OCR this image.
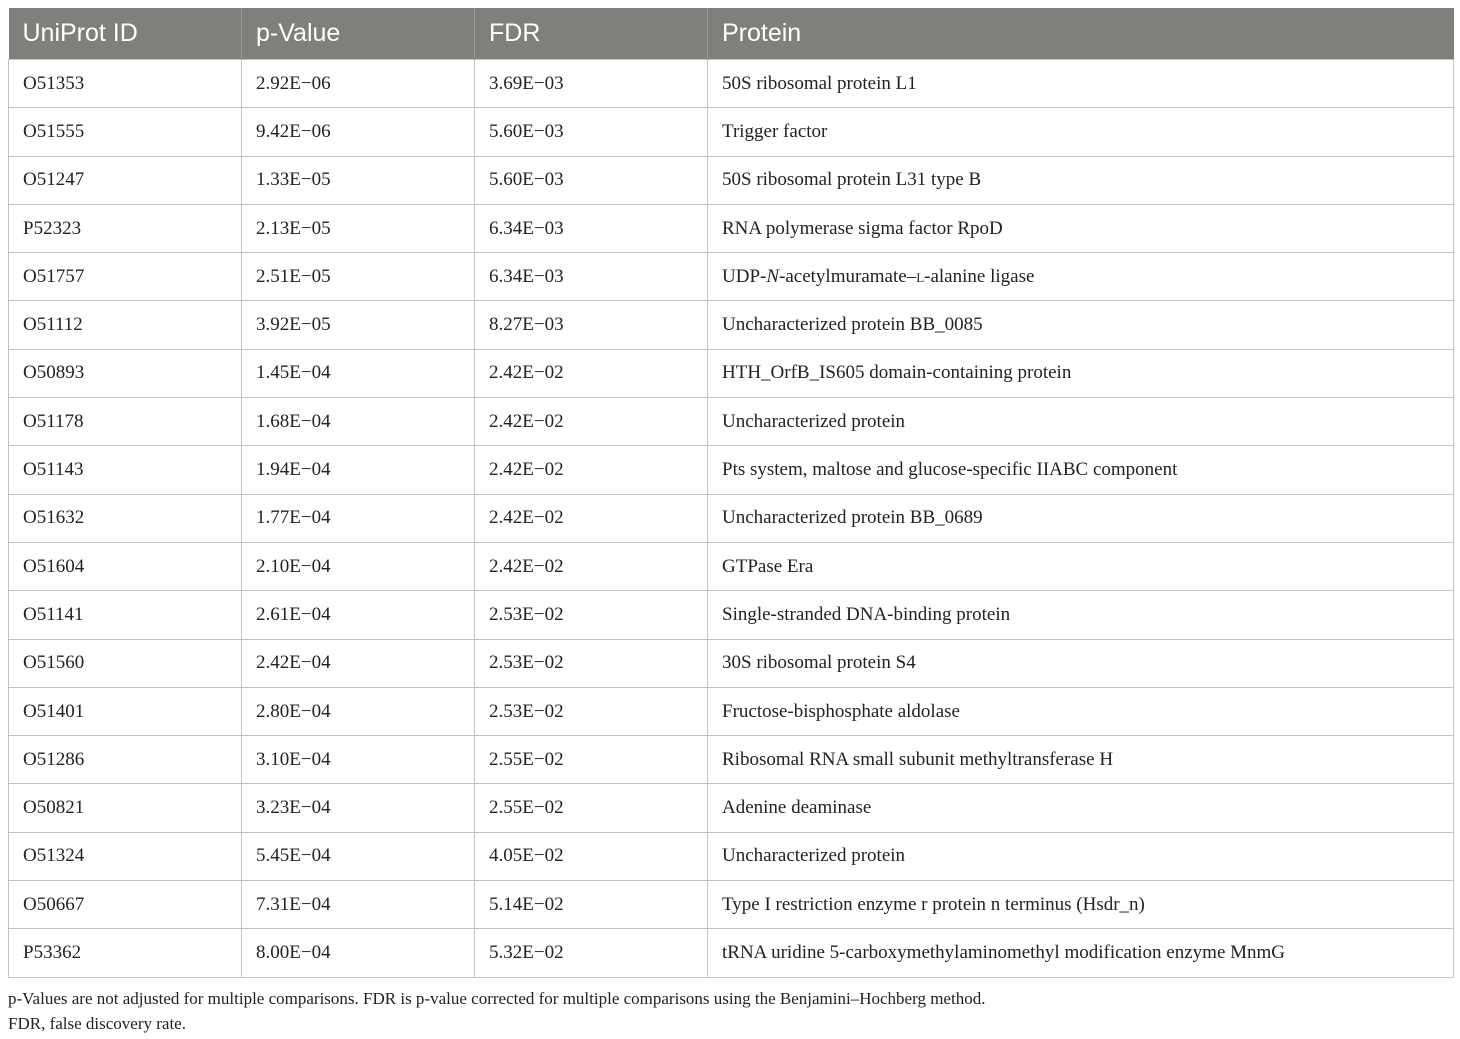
UniProt ID	p-Value	FDR	Protein
O51353	2.92E−06	3.69E−03	50S ribosomal protein L1
O51555	9.42E−06	5.60E−03	Trigger factor
O51247	1.33E−05	5.60E−03	50S ribosomal protein L31 type B
P52323	2.13E−05	6.34E−03	RNA polymerase sigma factor RpoD
O51757	2.51E−05	6.34E−03	UDP-N-acetylmuramate–l-alanine ligase
O51112	3.92E−05	8.27E−03	Uncharacterized protein BB_0085
O50893	1.45E−04	2.42E−02	HTH_OrfB_IS605 domain-containing protein
O51178	1.68E−04	2.42E−02	Uncharacterized protein
O51143	1.94E−04	2.42E−02	Pts system, maltose and glucose-specific IIABC component
O51632	1.77E−04	2.42E−02	Uncharacterized protein BB_0689
O51604	2.10E−04	2.42E−02	GTPase Era
O51141	2.61E−04	2.53E−02	Single-stranded DNA-binding protein
O51560	2.42E−04	2.53E−02	30S ribosomal protein S4
O51401	2.80E−04	2.53E−02	Fructose-bisphosphate aldolase
O51286	3.10E−04	2.55E−02	Ribosomal RNA small subunit methyltransferase H
O50821	3.23E−04	2.55E−02	Adenine deaminase
O51324	5.45E−04	4.05E−02	Uncharacterized protein
O50667	7.31E−04	5.14E−02	Type I restriction enzyme r protein n terminus (Hsdr_n)
P53362	8.00E−04	5.32E−02	tRNA uridine 5-carboxymethylaminomethyl modification enzyme MnmG
p-Values are not adjusted for multiple comparisons. FDR is p-value corrected for multiple comparisons using the Benjamini–Hochberg method.
FDR, false discovery rate.
